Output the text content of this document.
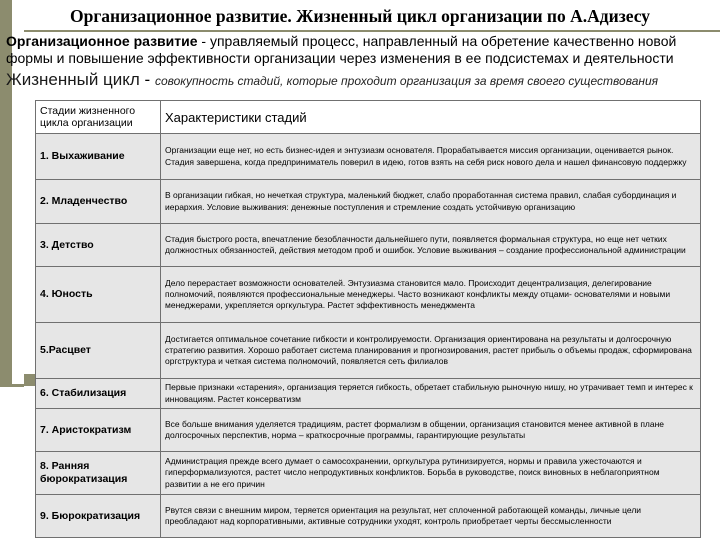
Организационное развитие. Жизненный цикл организации по А.Адизесу
Организационное развитие - управляемый процесс, направленный на обретение качественно новой формы и повышение эффективности организации через изменения в ее подсистемах и деятельности
Жизненный цикл - совокупность стадий, которые проходит организация за время своего существования
Стадии жизненного цикла организации	Характеристики стадий
1. Выхаживание	Организации еще нет, но есть бизнес-идея и энтузиазм основателя. Прорабатывается миссия организации, оценивается рынок. Стадия завершена, когда предприниматель поверил в идею, готов взять на себя риск нового дела и нашел финансовую поддержку
2. Младенчество	В организации гибкая, но нечеткая структура, маленький бюджет, слабо проработанная система правил, слабая субординация и иерархия. Условие выживания: денежные поступления и стремление создать устойчивую организацию
3. Детство	Стадия быстрого роста, впечатление безоблачности дальнейшего пути, появляется формальная структура, но еще нет четких должностных обязанностей, действия методом проб и ошибок. Условие выживания – создание профессиональной администрации
4. Юность	Дело перерастает возможности основателей. Энтузиазма становится мало. Происходит децентрализация, делегирование полномочий, появляются профессиональные менеджеры. Часто возникают конфликты между отцами- основателями и новыми менеджерами, укрепляется оргкультура. Растет эффективность менеджмента
5.Расцвет	Достигается оптимальное сочетание гибкости и контролируемости. Организация ориентирована на результаты и долгосрочную стратегию развития. Хорошо работает система планирования и прогнозирования, растет прибыль о объемы продаж, сформирована оргструктура и четкая система полномочий, появляется сеть филиалов
6. Стабилизация	Первые признаки «старения», организация теряется гибкость, обретает стабильную рыночную нишу, но утрачивает темп и интерес к инновациям. Растет консерватизм
7. Аристократизм	Все больше внимания уделяется традициям, растет формализм в общении, организация становится менее активной в плане долгосрочных перспектив, норма – краткосрочные программы, гарантирующие результаты
8. Ранняя бюрократизация	Администрация прежде всего думает о самосохранении, оргкультура рутинизируется, нормы и правила ужесточаются и гиперформализуются, растет число непродуктивных конфликтов. Борьба в руководстве, поиск виновных в неблагоприятном развитии а не его причин
9. Бюрократизация	Рвутся связи с внешним миром, теряется ориентация на результат, нет сплоченной работающей команды, личные цели преобладают над корпоративными, активные сотрудники уходят, контроль приобретает черты бессмысленности
